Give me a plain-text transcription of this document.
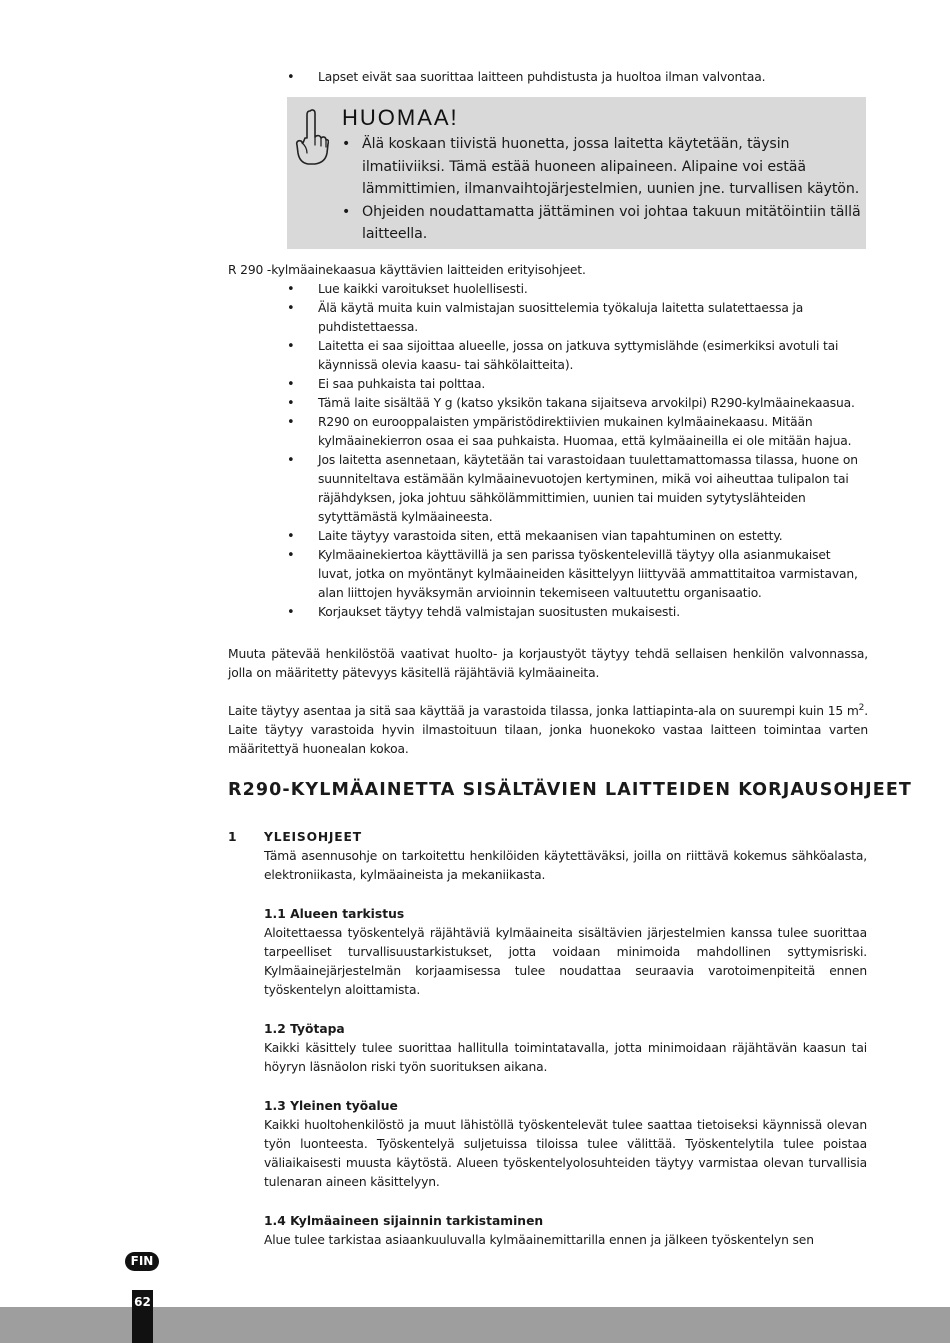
• Lapset eivät saa suorittaa laitteen puhdistusta ja huoltoa ilman valvontaa.
HUOMAA!
• Älä koskaan tiivistä huonetta, jossa laitetta käytetään, täysin ilmatiiviiksi. Tämä estää huoneen alipaineen. Alipaine voi estää lämmittimien, ilmanvaihtojärjestelmien, uunien jne. turvallisen käytön.
• Ohjeiden noudattamatta jättäminen voi johtaa takuun mitätöintiin tällä laitteella.
R 290 -kylmäainekaasua käyttävien laitteiden erityisohjeet.
• Lue kaikki varoitukset huolellisesti.
• Älä käytä muita kuin valmistajan suosittelemia työkaluja laitetta sulatettaessa ja puhdistettaessa.
• Laitetta ei saa sijoittaa alueelle, jossa on jatkuva syttymislähde (esimerkiksi avotuli tai käynnissä olevia kaasu- tai sähkölaitteita).
• Ei saa puhkaista tai polttaa.
• Tämä laite sisältää Y g (katso yksikön takana sijaitseva arvokilpi) R290-kylmäainekaasua.
• R290 on eurooppalaisten ympäristödirektiivien mukainen kylmäainekaasu. Mitään kylmäainekierron osaa ei saa puhkaista. Huomaa, että kylmäaineilla ei ole mitään hajua.
• Jos laitetta asennetaan, käytetään tai varastoidaan tuulettamattomassa tilassa, huone on suunniteltava estämään kylmäainevuotojen kertyminen, mikä voi aiheuttaa tulipalon tai räjähdyksen, joka johtuu sähkölämmittimien, uunien tai muiden sytytyslähteiden sytyttämästä kylmäaineesta.
• Laite täytyy varastoida siten, että mekaanisen vian tapahtuminen on estetty.
• Kylmäainekiertoa käyttävillä ja sen parissa työskentelevillä täytyy olla asianmukaiset luvat, jotka on myöntänyt kylmäaineiden käsittelyyn liittyvää ammattitaitoa varmistavan, alan liittojen hyväksymän arvioinnin tekemiseen valtuutettu organisaatio.
• Korjaukset täytyy tehdä valmistajan suositusten mukaisesti.

Muuta pätevää henkilöstöä vaativat huolto- ja korjaustyöt täytyy tehdä sellaisen henkilön valvonnassa, jolla on määritetty pätevyys käsitellä räjähtäviä kylmäaineita.

Laite täytyy asentaa ja sitä saa käyttää ja varastoida tilassa, jonka lattiapinta-ala on suurempi kuin 15 $m^2$. Laite täytyy varastoida hyvin ilmastoituun tilaan, jonka huonekoko vastaa laitteen toimintaa varten määritettyä huonealan kokoa.

R290-KYLMÄAINETTA SISÄLTÄVIEN LAITTEIDEN KORJAUSOHJEET
1 YLEISOHJEET

Tämä asennusohje on tarkoitettu henkilöiden käytettäväksi, joilla on riittävä kokemus sähköalasta, elektroniikasta, kylmäaineista ja mekaniikasta.

1.1 Alueen tarkistus

Aloitettaessa työskentelyä räjähtäviä kylmäaineita sisältävien järjestelmien kanssa tulee suorittaa tarpeelliset turvallisuustarkistukset, jotta voidaan minimoida mahdollinen syttymisriski. Kylmäainejärjestelmän korjaamisessa tulee noudattaa seuraavia varotoimenpiteitä ennen työskentelyn aloittamista.

1.2 Työtapa

Kaikki käsittely tulee suorittaa hallitulla toimintatavalla, jotta minimoidaan räjähtävän kaasun tai höyryn läsnäolon riski työn suorituksen aikana.

1.3 Yleinen työalue

Kaikki huoltohenkilöstö ja muut lähistöllä työskentelevät tulee saattaa tietoiseksi käynnissä olevan työn luonteesta. Työskentelyä suljetuissa tiloissa tulee välittää. Työskentelytila tulee poistaa väliaikaisesti muusta käytöstä. Alueen työskentelyolosuhteiden täytyy varmistaa olevan turvallisia tulenaran aineen käsittelyyn.

1.4 Kylmäaineen sijainnin tarkistaminen

Alue tulee tarkistaa asiaankuuluvalla kylmäainemittarilla ennen ja jälkeen työskentelyn sen

FIN
62
